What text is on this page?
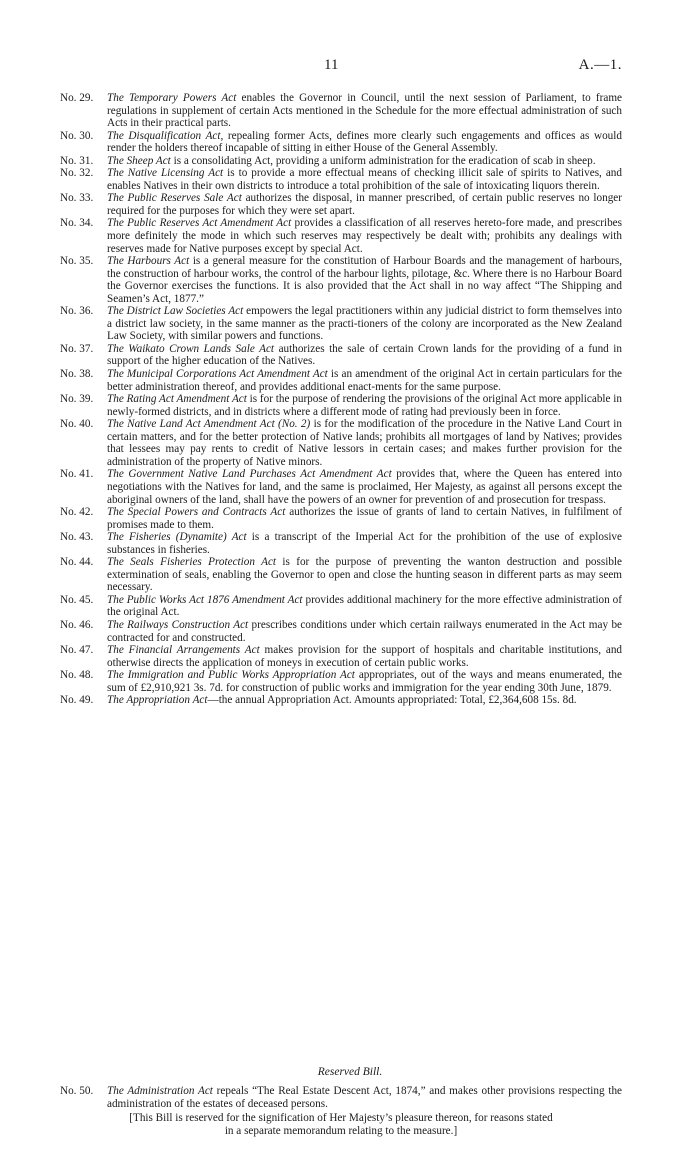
11	A.—1.
No. 29.	The Temporary Powers Act enables the Governor in Council, until the next session of Parliament, to frame regulations in supplement of certain Acts mentioned in the Schedule for the more effectual administration of such Acts in their practical parts.
No. 30.	The Disqualification Act, repealing former Acts, defines more clearly such engagements and offices as would render the holders thereof incapable of sitting in either House of the General Assembly.
No. 31.	The Sheep Act is a consolidating Act, providing a uniform administration for the eradication of scab in sheep.
No. 32.	The Native Licensing Act is to provide a more effectual means of checking illicit sale of spirits to Natives, and enables Natives in their own districts to introduce a total prohibition of the sale of intoxicating liquors therein.
No. 33.	The Public Reserves Sale Act authorizes the disposal, in manner prescribed, of certain public reserves no longer required for the purposes for which they were set apart.
No. 34.	The Public Reserves Act Amendment Act provides a classification of all reserves hereto-fore made, and prescribes more definitely the mode in which such reserves may respectively be dealt with; prohibits any dealings with reserves made for Native purposes except by special Act.
No. 35.	The Harbours Act is a general measure for the constitution of Harbour Boards and the management of harbours, the construction of harbour works, the control of the harbour lights, pilotage, &c. Where there is no Harbour Board the Governor exercises the functions. It is also provided that the Act shall in no way affect “The Shipping and Seamen’s Act, 1877.”
No. 36.	The District Law Societies Act empowers the legal practitioners within any judicial district to form themselves into a district law society, in the same manner as the practi-tioners of the colony are incorporated as the New Zealand Law Society, with similar powers and functions.
No. 37.	The Waikato Crown Lands Sale Act authorizes the sale of certain Crown lands for the providing of a fund in support of the higher education of the Natives.
No. 38.	The Municipal Corporations Act Amendment Act is an amendment of the original Act in certain particulars for the better administration thereof, and provides additional enact-ments for the same purpose.
No. 39.	The Rating Act Amendment Act is for the purpose of rendering the provisions of the original Act more applicable in newly-formed districts, and in districts where a different mode of rating had previously been in force.
No. 40.	The Native Land Act Amendment Act (No. 2) is for the modification of the procedure in the Native Land Court in certain matters, and for the better protection of Native lands; prohibits all mortgages of land by Natives; provides that lessees may pay rents to credit of Native lessors in certain cases; and makes further provision for the administration of the property of Native minors.
No. 41.	The Government Native Land Purchases Act Amendment Act provides that, where the Queen has entered into negotiations with the Natives for land, and the same is proclaimed, Her Majesty, as against all persons except the aboriginal owners of the land, shall have the powers of an owner for prevention of and prosecution for trespass.
No. 42.	The Special Powers and Contracts Act authorizes the issue of grants of land to certain Natives, in fulfilment of promises made to them.
No. 43.	The Fisheries (Dynamite) Act is a transcript of the Imperial Act for the prohibition of the use of explosive substances in fisheries.
No. 44.	The Seals Fisheries Protection Act is for the purpose of preventing the wanton destruction and possible extermination of seals, enabling the Governor to open and close the hunting season in different parts as may seem necessary.
No. 45.	The Public Works Act 1876 Amendment Act provides additional machinery for the more effective administration of the original Act.
No. 46.	The Railways Construction Act prescribes conditions under which certain railways enumerated in the Act may be contracted for and constructed.
No. 47.	The Financial Arrangements Act makes provision for the support of hospitals and charitable institutions, and otherwise directs the application of moneys in execution of certain public works.
No. 48.	The Immigration and Public Works Appropriation Act appropriates, out of the ways and means enumerated, the sum of £2,910,921 3s. 7d. for construction of public works and immigration for the year ending 30th June, 1879.
No. 49.	The Appropriation Act—the annual Appropriation Act. Amounts appropriated: Total, £2,364,608 15s. 8d.
Reserved Bill.
No. 50.	The Administration Act repeals “The Real Estate Descent Act, 1874,” and makes other provisions respecting the administration of the estates of deceased persons.
[This Bill is reserved for the signification of Her Majesty’s pleasure thereon, for reasons stated
in a separate memorandum relating to the measure.]
